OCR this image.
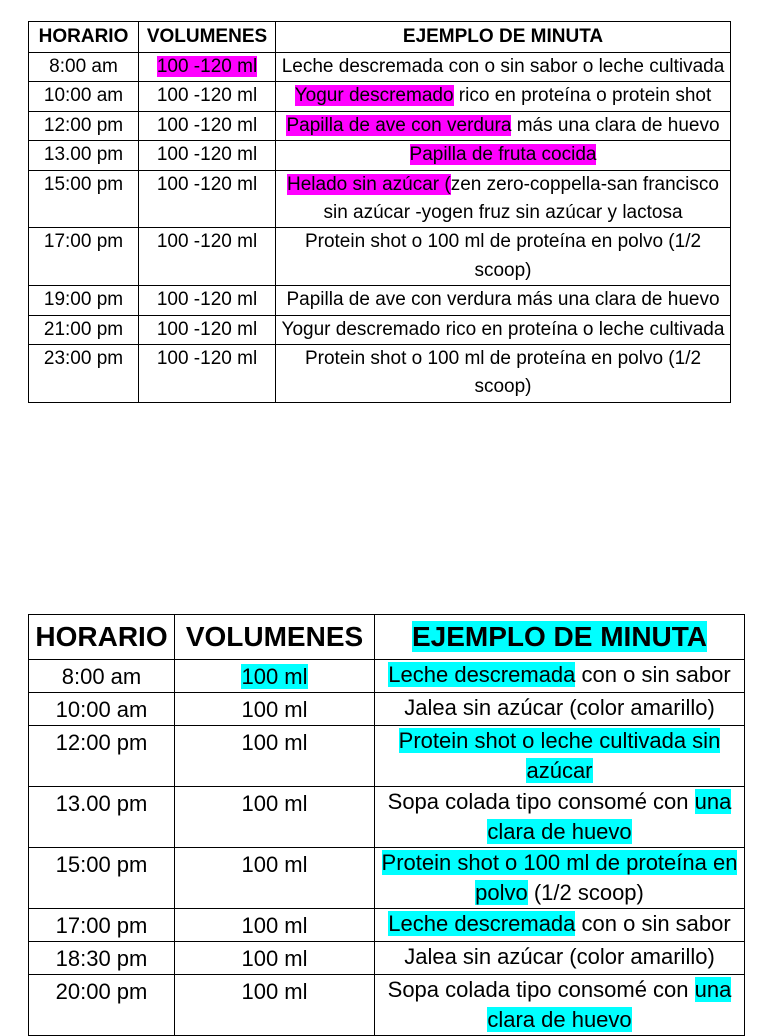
HORARIO	VOLUMENES	EJEMPLO DE MINUTA
8:00 am	100 -120 ml	Leche descremada con o sin sabor o leche cultivada
10:00 am	100 -120 ml	Yogur descremado rico en proteína o protein shot
12:00 pm	100 -120 ml	Papilla de ave con verdura más una clara de huevo
13.00 pm	100 -120 ml	Papilla de fruta cocida
15:00 pm	100 -120 ml	Helado sin azúcar (zen zero-coppella-san francisco sin azúcar -yogen fruz sin azúcar y lactosa
17:00 pm	100 -120 ml	Protein shot o 100 ml de proteína en polvo (1/2 scoop)
19:00 pm	100 -120 ml	Papilla de ave con verdura más una clara de huevo
21:00 pm	100 -120 ml	Yogur descremado rico en proteína o leche cultivada
23:00 pm	100 -120 ml	Protein shot o 100 ml de proteína en polvo (1/2 scoop)
HORARIO	VOLUMENES	EJEMPLO DE MINUTA
8:00 am	100 ml	Leche descremada con o sin sabor
10:00 am	100 ml	Jalea sin azúcar (color amarillo)
12:00 pm	100 ml	Protein shot o leche cultivada sin azúcar
13.00 pm	100 ml	Sopa colada tipo consomé con una clara de huevo
15:00 pm	100 ml	Protein shot o 100 ml de proteína en polvo (1/2 scoop)
17:00 pm	100 ml	Leche descremada con o sin sabor
18:30 pm	100 ml	Jalea sin azúcar (color amarillo)
20:00 pm	100 ml	Sopa colada tipo consomé con una clara de huevo
